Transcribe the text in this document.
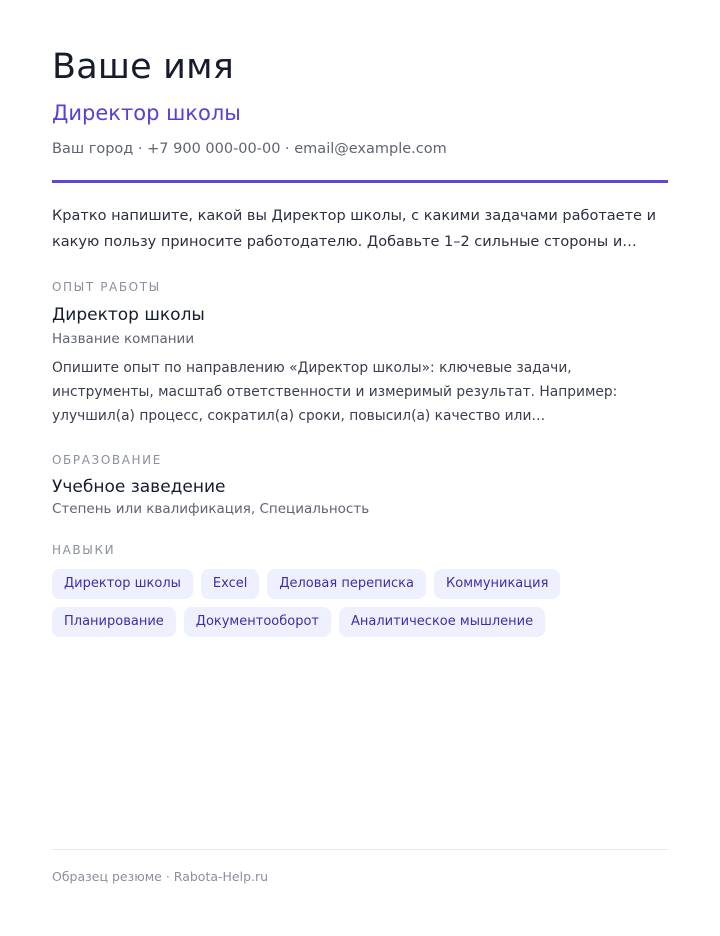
Ваше имя
Директор школы
Ваш город · +7 900 000-00-00 · email@example.com
Кратко напишите, какой вы Директор школы, с какими задачами работаете и какую пользу приносите работодателю. Добавьте 1–2 сильные стороны и…
ОПЫТ РАБОТЫ
Директор школы
Название компании
Опишите опыт по направлению «Директор школы»: ключевые задачи, инструменты, масштаб ответственности и измеримый результат. Например: улучшил(а) процесс, сократил(а) сроки, повысил(а) качество или…
ОБРАЗОВАНИЕ
Учебное заведение
Степень или квалификация, Специальность
НАВЫКИ
Директор школы	Excel	Деловая переписка	Коммуникация
Планирование	Документооборот	Аналитическое мышление
Образец резюме · Rabota-Help.ru
